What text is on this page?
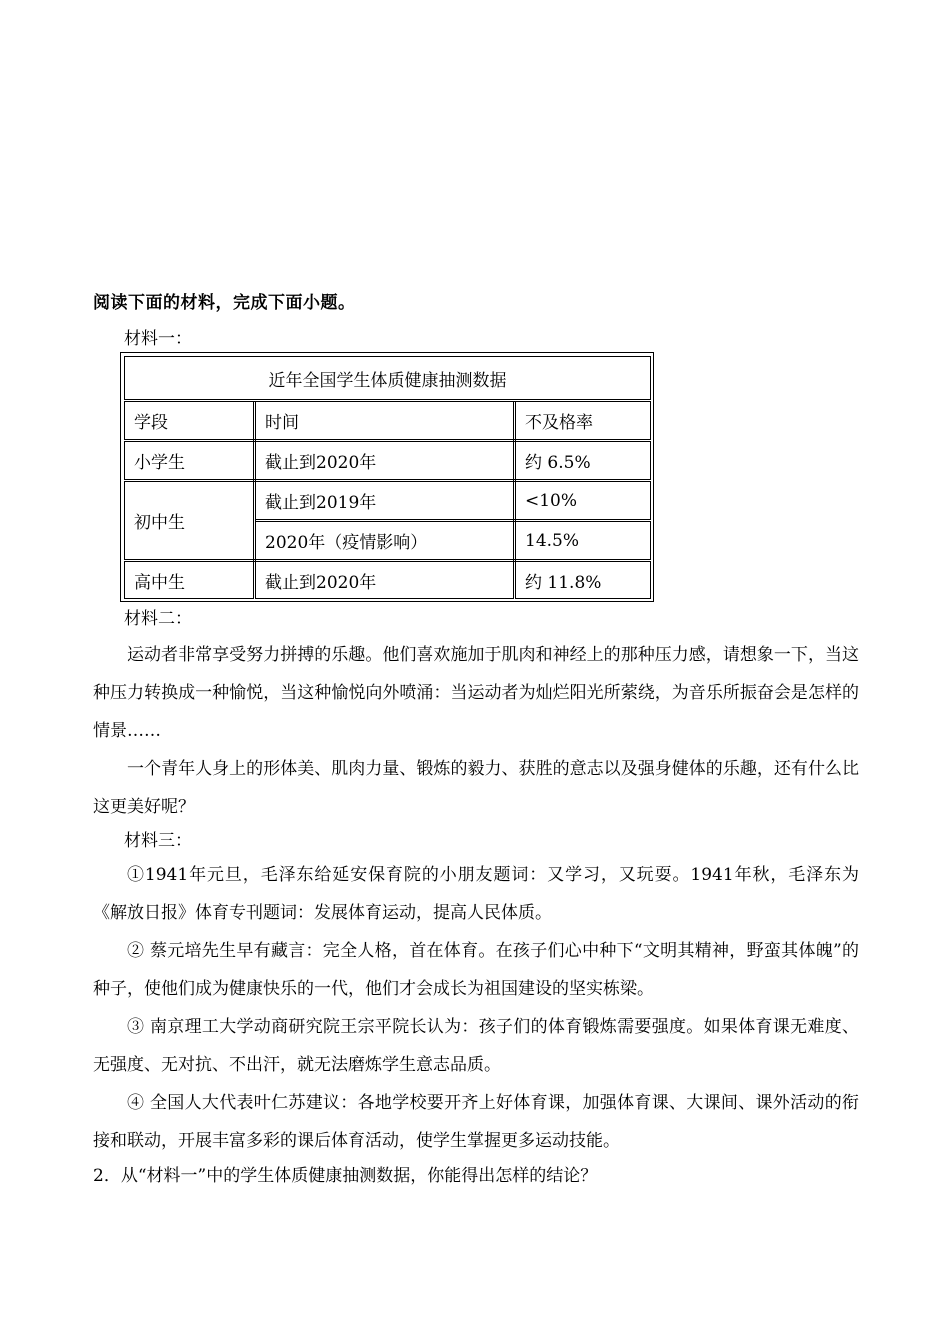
阅读下面的材料，完成下面小题。
材料一：
近年全国学生体质健康抽测数据		
学段	时间	不及格率
小学生	截止到2020年	约 6.5%
初中生	截止到2019年	<10%
	2020年（疫情影响）	14.5%
高中生	截止到2020年	约 11.8%
材料二：

运动者非常享受努力拼搏的乐趣。他们喜欢施加于肌肉和神经上的那种压力感，请想象一下，当这种压力转换成一种愉悦，当这种愉悦向外喷涌：当运动者为灿烂阳光所萦绕，为音乐所振奋会是怎样的情景……

一个青年人身上的形体美、肌肉力量、锻炼的毅力、获胜的意志以及强身健体的乐趣，还有什么比这更美好呢？

材料三：

①1941年元旦，毛泽东给延安保育院的小朋友题词：又学习，又玩耍。1941年秋，毛泽东为《解放日报》体育专刊题词：发展体育运动，提高人民体质。

② 蔡元培先生早有藏言：完全人格，首在体育。在孩子们心中种下“文明其精神，野蛮其体魄”的种子，使他们成为健康快乐的一代，他们才会成长为祖国建设的坚实栋梁。

③ 南京理工大学动商研究院王宗平院长认为：孩子们的体育锻炼需要强度。如果体育课无难度、无强度、无对抗、不出汗，就无法磨炼学生意志品质。

④ 全国人大代表叶仁苏建议：各地学校要开齐上好体育课，加强体育课、大课间、课外活动的衔接和联动，开展丰富多彩的课后体育活动，使学生掌握更多运动技能。

2．从“材料一”中的学生体质健康抽测数据，你能得出怎样的结论？
